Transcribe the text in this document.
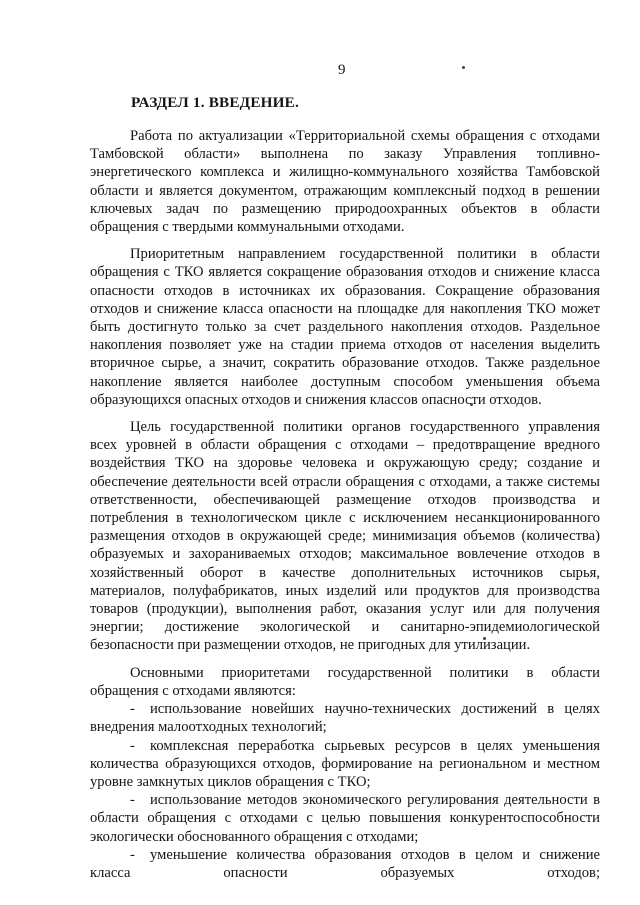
9
РАЗДЕЛ 1. ВВЕДЕНИЕ.

Работа по актуализации «Территориальной схемы обращения с отходами Тамбовской области» выполнена по заказу Управления топливно-энергетического комплекса и жилищно-коммунального хозяйства Тамбовской области и является документом, отражающим комплексный подход в решении ключевых задач по размещению природоохранных объектов в области обращения с твердыми коммунальными отходами.

Приоритетным направлением государственной политики в области обращения с ТКО является сокращение образования отходов и снижение класса опасности отходов в источниках их образования. Сокращение образования отходов и снижение класса опасности на площадке для накопления ТКО может быть достигнуто только за счет раздельного накопления отходов. Раздельное накопления позволяет уже на стадии приема отходов от населения выделить вторичное сырье, а значит, сократить образование отходов. Также раздельное накопление является наиболее доступным способом уменьшения объема образующихся опасных отходов и снижения классов опасности отходов.

Цель государственной политики органов государственного управления всех уровней в области обращения с отходами – предотвращение вредного воздействия ТКО на здоровье человека и окружающую среду; создание и обеспечение деятельности всей отрасли обращения с отходами, а также системы ответственности, обеспечивающей размещение отходов производства и потребления в технологическом цикле с исключением несанкционированного размещения отходов в окружающей среде; минимизация объемов (количества) образуемых и захораниваемых отходов; максимальное вовлечение отходов в хозяйственный оборот в качестве дополнительных источников сырья, материалов, полуфабрикатов, иных изделий или продуктов для производства товаров (продукции), выполнения работ, оказания услуг или для получения энергии; достижение экологической и санитарно-эпидемиологической безопасности при размещении отходов, не пригодных для утилизации.

Основными приоритетами государственной политики в области обращения с отходами являются:

- использование новейших научно-технических достижений в целях внедрения малоотходных технологий;

- комплексная переработка сырьевых ресурсов в целях уменьшения количества образующихся отходов, формирование на региональном и местном уровне замкнутых циклов обращения с ТКО;

- использование методов экономического регулирования деятельности в области обращения с отходами с целью повышения конкурентоспособности экологически обоснованного обращения с отходами;

- уменьшение количества образования отходов в целом и снижение класса опасности образуемых отходов;
